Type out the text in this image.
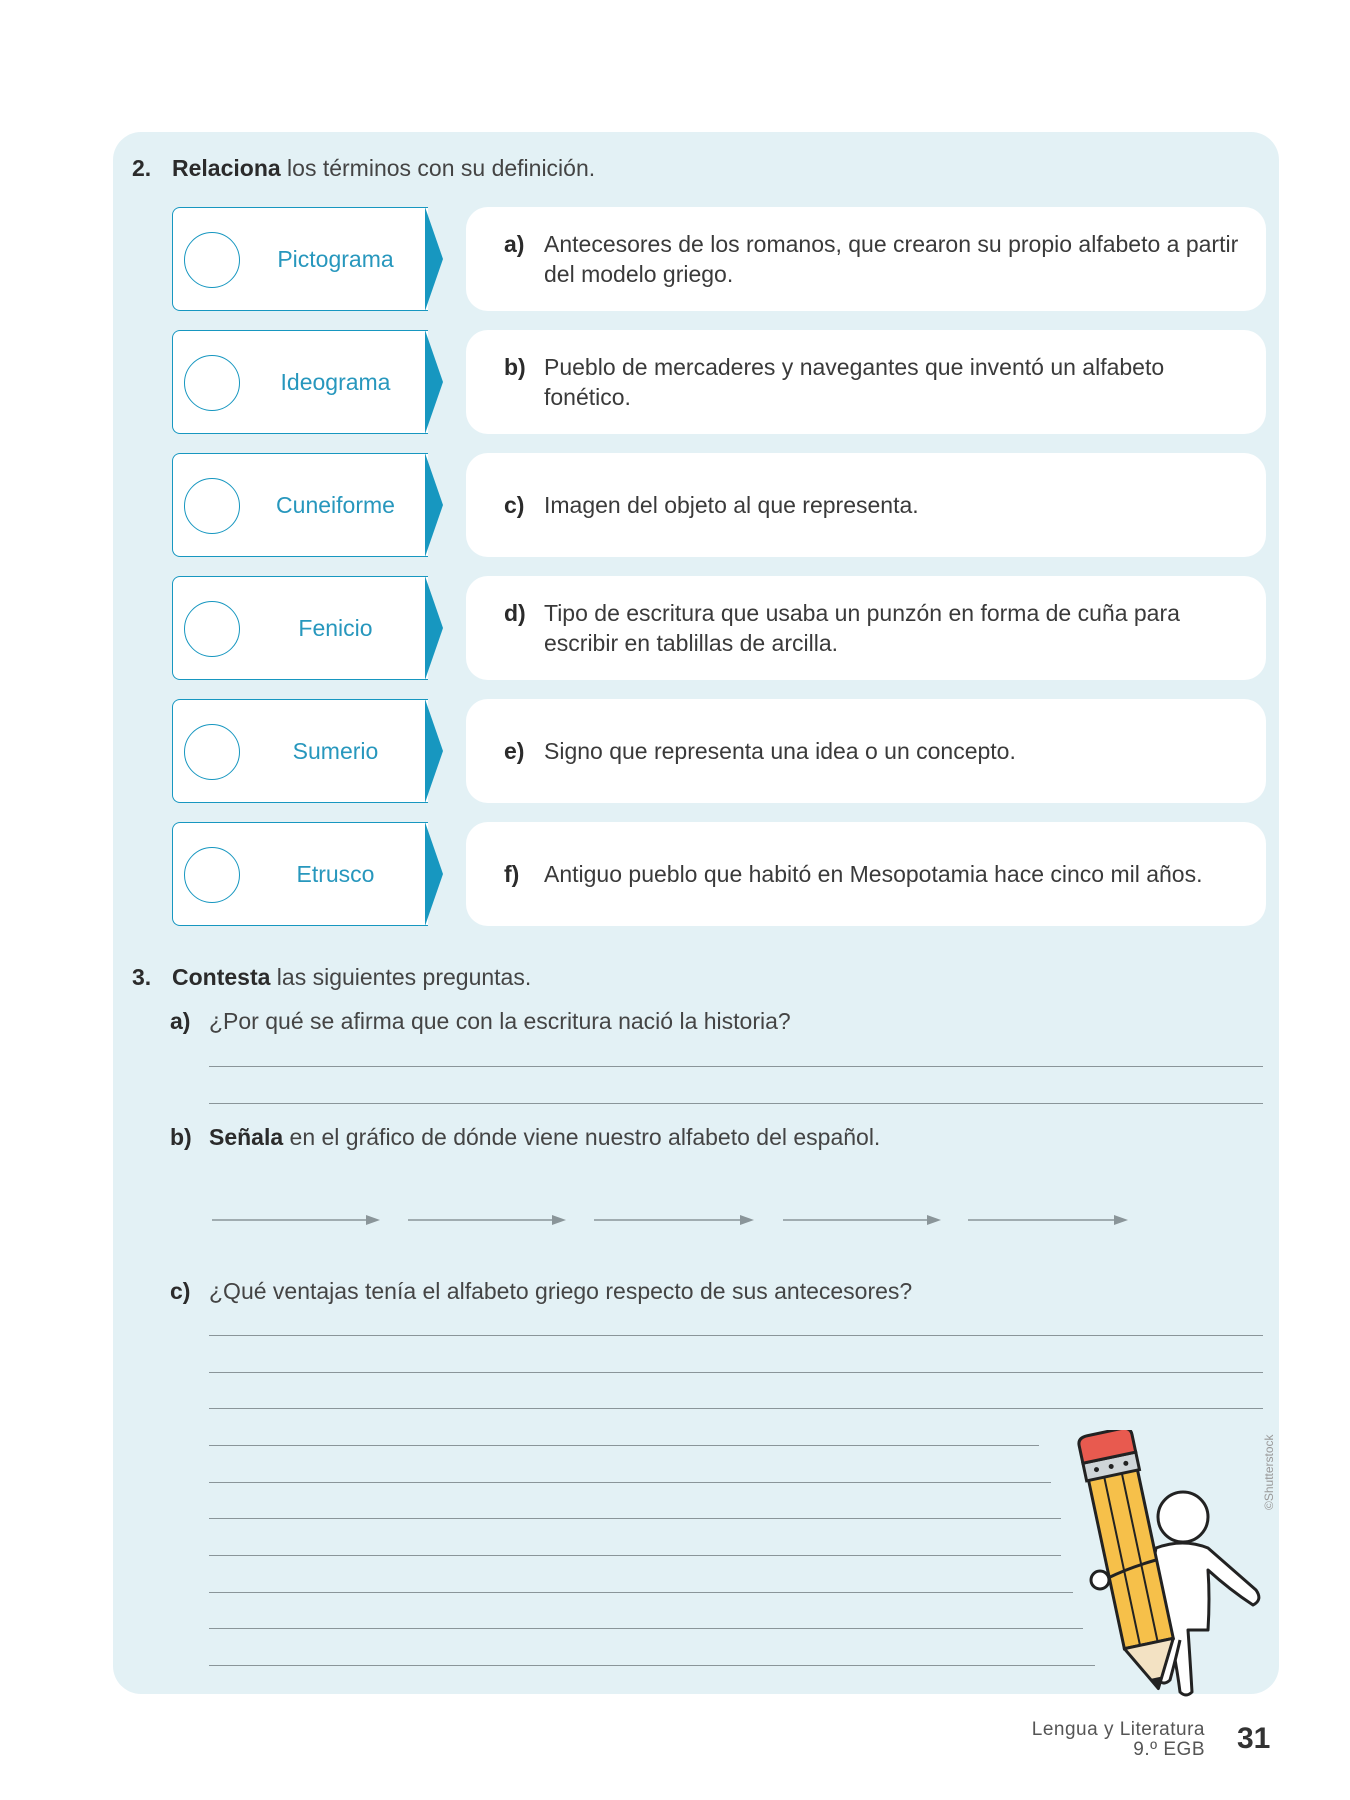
2. Relaciona los términos con su definición.
Pictograma
Ideograma
Cuneiforme
Fenicio
Sumerio
Etrusco
a) Antecesores de los romanos, que crearon su propio alfabeto a partir del modelo griego.
b) Pueblo de mercaderes y navegantes que inventó un alfabeto fonético.
c) Imagen del objeto al que representa.
d) Tipo de escritura que usaba un punzón en forma de cuña para escribir en tablillas de arcilla.
e) Signo que representa una idea o un concepto.
f)	Antiguo pueblo que habitó en Mesopotamia hace cinco mil años.
3. Contesta las siguientes preguntas.
a) ¿Por qué se afirma que con la escritura nació la historia?
b) Señala en el gráfico de dónde viene nuestro alfabeto del español.
c) ¿Qué ventajas tenía el alfabeto griego respecto de sus antecesores?
©Shutterstock
Lengua y Literatura
9.º EGB 31
